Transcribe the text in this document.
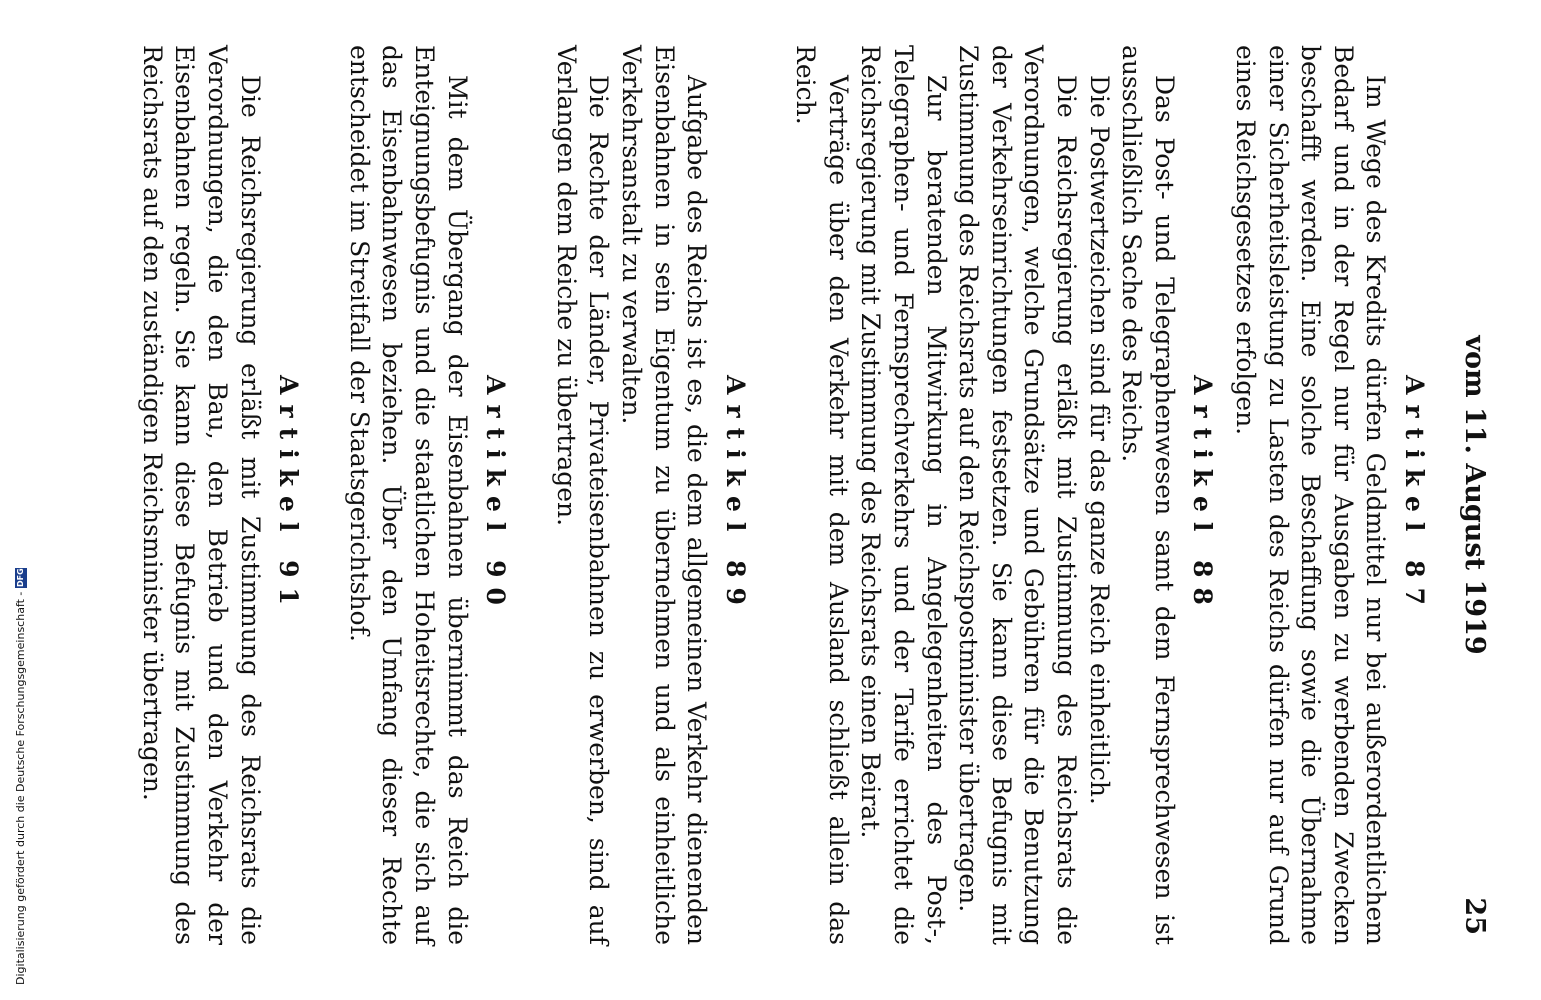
vom 11. August 1919
25
Artikel 87

Im Wege des Kredits dürfen Geldmittel nur bei außerordentlichem Bedarf und in der Regel nur für Ausgaben zu werbenden Zwecken beschafft werden. Eine solche Beschaffung sowie die Übernahme einer Sicherheitsleistung zu Lasten des Reichs dürfen nur auf Grund eines Reichsgesetzes erfolgen.

Artikel 88

Das Post- und Telegraphenwesen samt dem Fernsprechwesen ist ausschließlich Sache des Reichs.

Die Postwertzeichen sind für das ganze Reich einheitlich.

Die Reichsregierung erläßt mit Zustimmung des Reichsrats die Verordnungen, welche Grundsätze und Gebühren für die Benutzung der Verkehrseinrichtungen festsetzen. Sie kann diese Befugnis mit Zustimmung des Reichsrats auf den Reichspostminister übertragen.

Zur beratenden Mitwirkung in Angelegenheiten des Post-, Telegraphen- und Fernsprechverkehrs und der Tarife errichtet die Reichsregierung mit Zustimmung des Reichsrats einen Beirat.

Verträge über den Verkehr mit dem Ausland schließt allein das Reich.

Artikel 89

Aufgabe des Reichs ist es, die dem allgemeinen Verkehr dienenden Eisenbahnen in sein Eigentum zu übernehmen und als einheitliche Verkehrsanstalt zu verwalten.

Die Rechte der Länder, Privateisenbahnen zu erwerben, sind auf Verlangen dem Reiche zu übertragen.

Artikel 90

Mit dem Übergang der Eisenbahnen übernimmt das Reich die Enteignungsbefugnis und die staatlichen Hoheitsrechte, die sich auf das Eisenbahnwesen beziehen. Über den Umfang dieser Rechte entscheidet im Streitfall der Staatsgerichtshof.

Artikel 91

Die Reichsregierung erläßt mit Zustimmung des Reichsrats die Verordnungen, die den Bau, den Betrieb und den Verkehr der Eisenbahnen regeln. Sie kann diese Befugnis mit Zustimmung des Reichsrats auf den zuständigen Reichsminister übertragen.

Digitalisierung gefördert durch die Deutsche Forschungsgemeinschaft -
DFG
